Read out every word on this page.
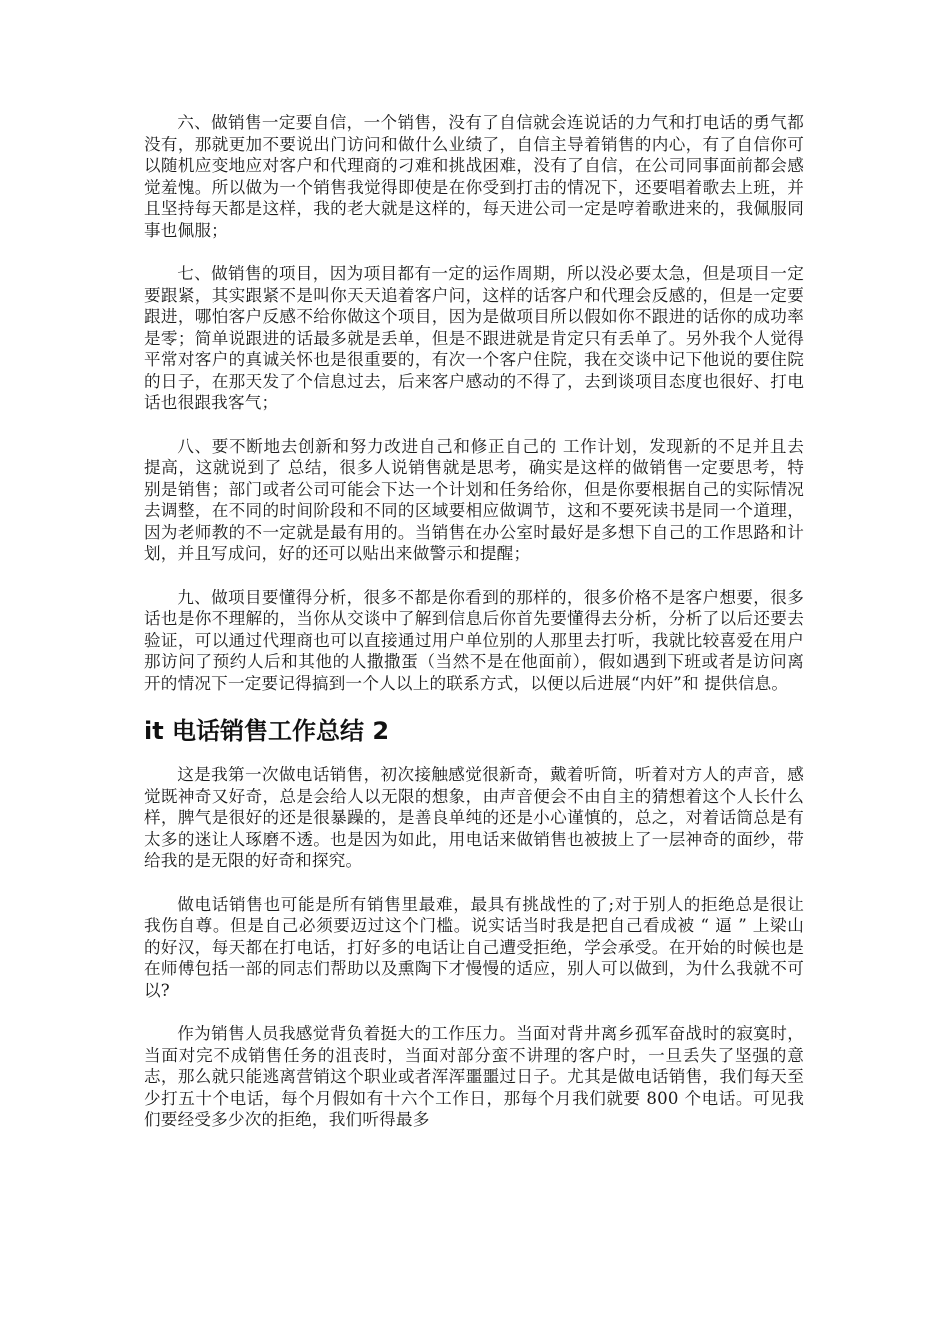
六、做销售一定要自信，一个销售，没有了自信就会连说话的力气和打电话的勇气都没有，那就更加不要说出门访问和做什么业绩了，自信主导着销售的内心，有了自信你可以随机应变地应对客户和代理商的刁难和挑战困难，没有了自信，在公司同事面前都会感觉羞愧。所以做为一个销售我觉得即使是在你受到打击的情况下，还要唱着歌去上班，并且坚持每天都是这样，我的老大就是这样的，每天进公司一定是哼着歌进来的，我佩服同事也佩服；

七、做销售的项目，因为项目都有一定的运作周期，所以没必要太急，但是项目一定要跟紧，其实跟紧不是叫你天天追着客户问，这样的话客户和代理会反感的，但是一定要跟进，哪怕客户反感不给你做这个项目，因为是做项目所以假如你不跟进的话你的成功率是零；简单说跟进的话最多就是丢单，但是不跟进就是肯定只有丢单了。另外我个人觉得平常对客户的真诚关怀也是很重要的，有次一个客户住院，我在交谈中记下他说的要住院的日子，在那天发了个信息过去，后来客户感动的不得了，去到谈项目态度也很好、打电话也很跟我客气；

八、要不断地去创新和努力改进自己和修正自己的 工作计划，发现新的不足并且去提高，这就说到了 总结，很多人说销售就是思考，确实是这样的做销售一定要思考，特别是销售；部门或者公司可能会下达一个计划和任务给你，但是你要根据自己的实际情况去调整，在不同的时间阶段和不同的区域要相应做调节，这和不要死读书是同一个道理，因为老师教的不一定就是最有用的。当销售在办公室时最好是多想下自己的工作思路和计划，并且写成问，好的还可以贴出来做警示和提醒；

九、做项目要懂得分析，很多不都是你看到的那样的，很多价格不是客户想要，很多话也是你不理解的，当你从交谈中了解到信息后你首先要懂得去分析，分析了以后还要去验证，可以通过代理商也可以直接通过用户单位别的人那里去打听，我就比较喜爱在用户那访问了预约人后和其他的人撒撒蛋（当然不是在他面前），假如遇到下班或者是访问离开的情况下一定要记得搞到一个人以上的联系方式，以便以后进展“内奸”和 提供信息。

it 电话销售工作总结 2

这是我第一次做电话销售，初次接触感觉很新奇，戴着听筒，听着对方人的声音，感觉既神奇又好奇，总是会给人以无限的想象，由声音便会不由自主的猜想着这个人长什么样，脾气是很好的还是很暴躁的，是善良单纯的还是小心谨慎的，总之，对着话筒总是有太多的迷让人琢磨不透。也是因为如此，用电话来做销售也被披上了一层神奇的面纱，带给我的是无限的好奇和探究。

做电话销售也可能是所有销售里最难，最具有挑战性的了;对于别人的拒绝总是很让我伤自尊。但是自己必须要迈过这个门槛。说实话当时我是把自己看成被 “ 逼 ” 上梁山的好汉，每天都在打电话，打好多的电话让自己遭受拒绝，学会承受。在开始的时候也是在师傅包括一部的同志们帮助以及熏陶下才慢慢的适应，别人可以做到，为什么我就不可以?

作为销售人员我感觉背负着挺大的工作压力。当面对背井离乡孤军奋战时的寂寞时，当面对完不成销售任务的沮丧时，当面对部分蛮不讲理的客户时，一旦丢失了坚强的意志，那么就只能逃离营销这个职业或者浑浑噩噩过日子。尤其是做电话销售，我们每天至少打五十个电话，每个月假如有十六个工作日，那每个月我们就要 800 个电话。可见我们要经受多少次的拒绝，我们听得最多
